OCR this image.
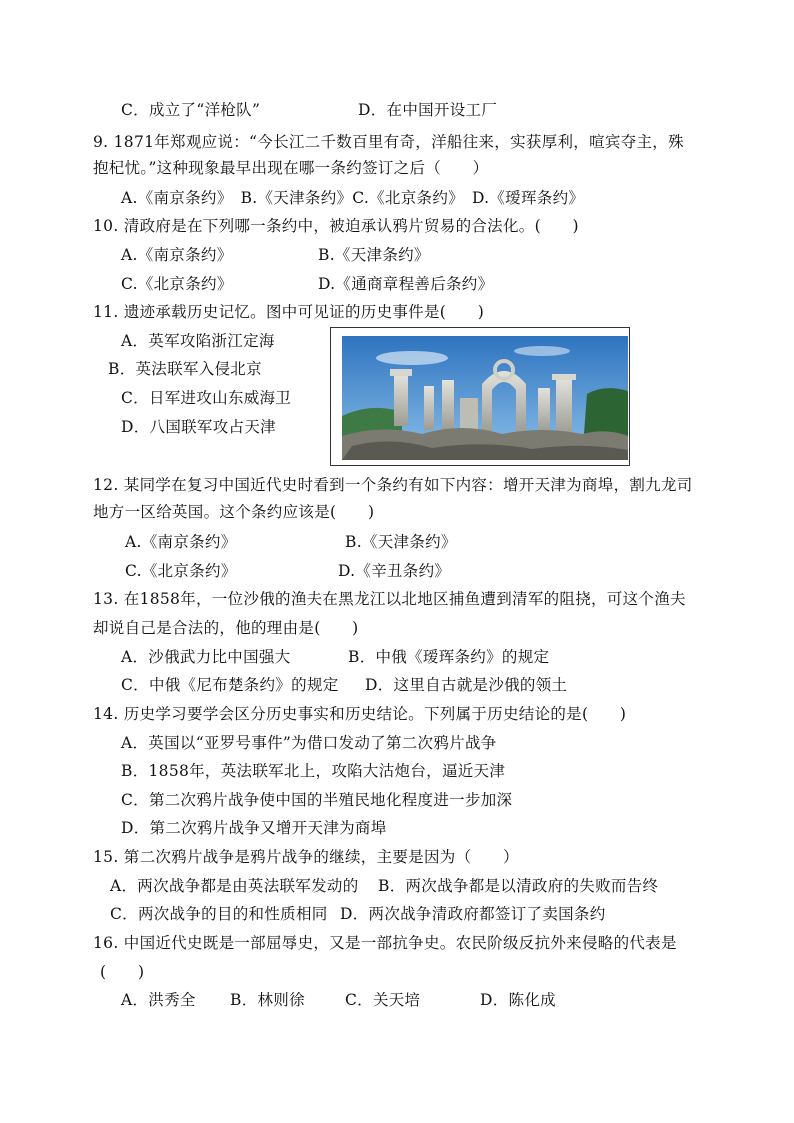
C．成立了“洋枪队”	D．在中国开设工厂
9. 1871年郑观应说：“今长江二千数百里有奇，洋船往来，实获厚利，喧宾夺主，殊
抱杞忧。”这种现象最早出现在哪一条约签订之后（　　）
A.《南京条约》　B.《天津条约》C.《北京条约》　D.《瑷珲条约》
10. 清政府是在下列哪一条约中，被迫承认鸦片贸易的合法化。(　　)
A.《南京条约》	B.《天津条约》
C.《北京条约》	D.《通商章程善后条约》
11. 遗迹承载历史记忆。图中可见证的历史事件是(　　)
A．英军攻陷浙江定海
B．英法联军入侵北京
C．日军进攻山东威海卫
D．八国联军攻占天津
12. 某同学在复习中国近代史时看到一个条约有如下内容：增开天津为商埠，割九龙司
地方一区给英国。这个条约应该是(　　)
A.《南京条约》	B.《天津条约》
C.《北京条约》	D.《辛丑条约》
13. 在1858年，一位沙俄的渔夫在黑龙江以北地区捕鱼遭到清军的阻挠，可这个渔夫
却说自己是合法的，他的理由是(　　)
A．沙俄武力比中国强大	B．中俄《瑷珲条约》的规定
C．中俄《尼布楚条约》的规定 D．这里自古就是沙俄的领土
14. 历史学习要学会区分历史事实和历史结论。下列属于历史结论的是(　　)
A．英国以“亚罗号事件”为借口发动了第二次鸦片战争
B．1858年，英法联军北上，攻陷大沽炮台，逼近天津
C．第二次鸦片战争使中国的半殖民地化程度进一步加深
D．第二次鸦片战争又增开天津为商埠
15. 第二次鸦片战争是鸦片战争的继续，主要是因为（　　）
A．两次战争都是由英法联军发动的 B．两次战争都是以清政府的失败而告终
C．两次战争的目的和性质相同 D．两次战争清政府都签订了卖国条约
16. 中国近代史既是一部屈辱史，又是一部抗争史。农民阶级反抗外来侵略的代表是
(　　)
A．洪秀全 B．林则徐	C．关天培	D．陈化成
